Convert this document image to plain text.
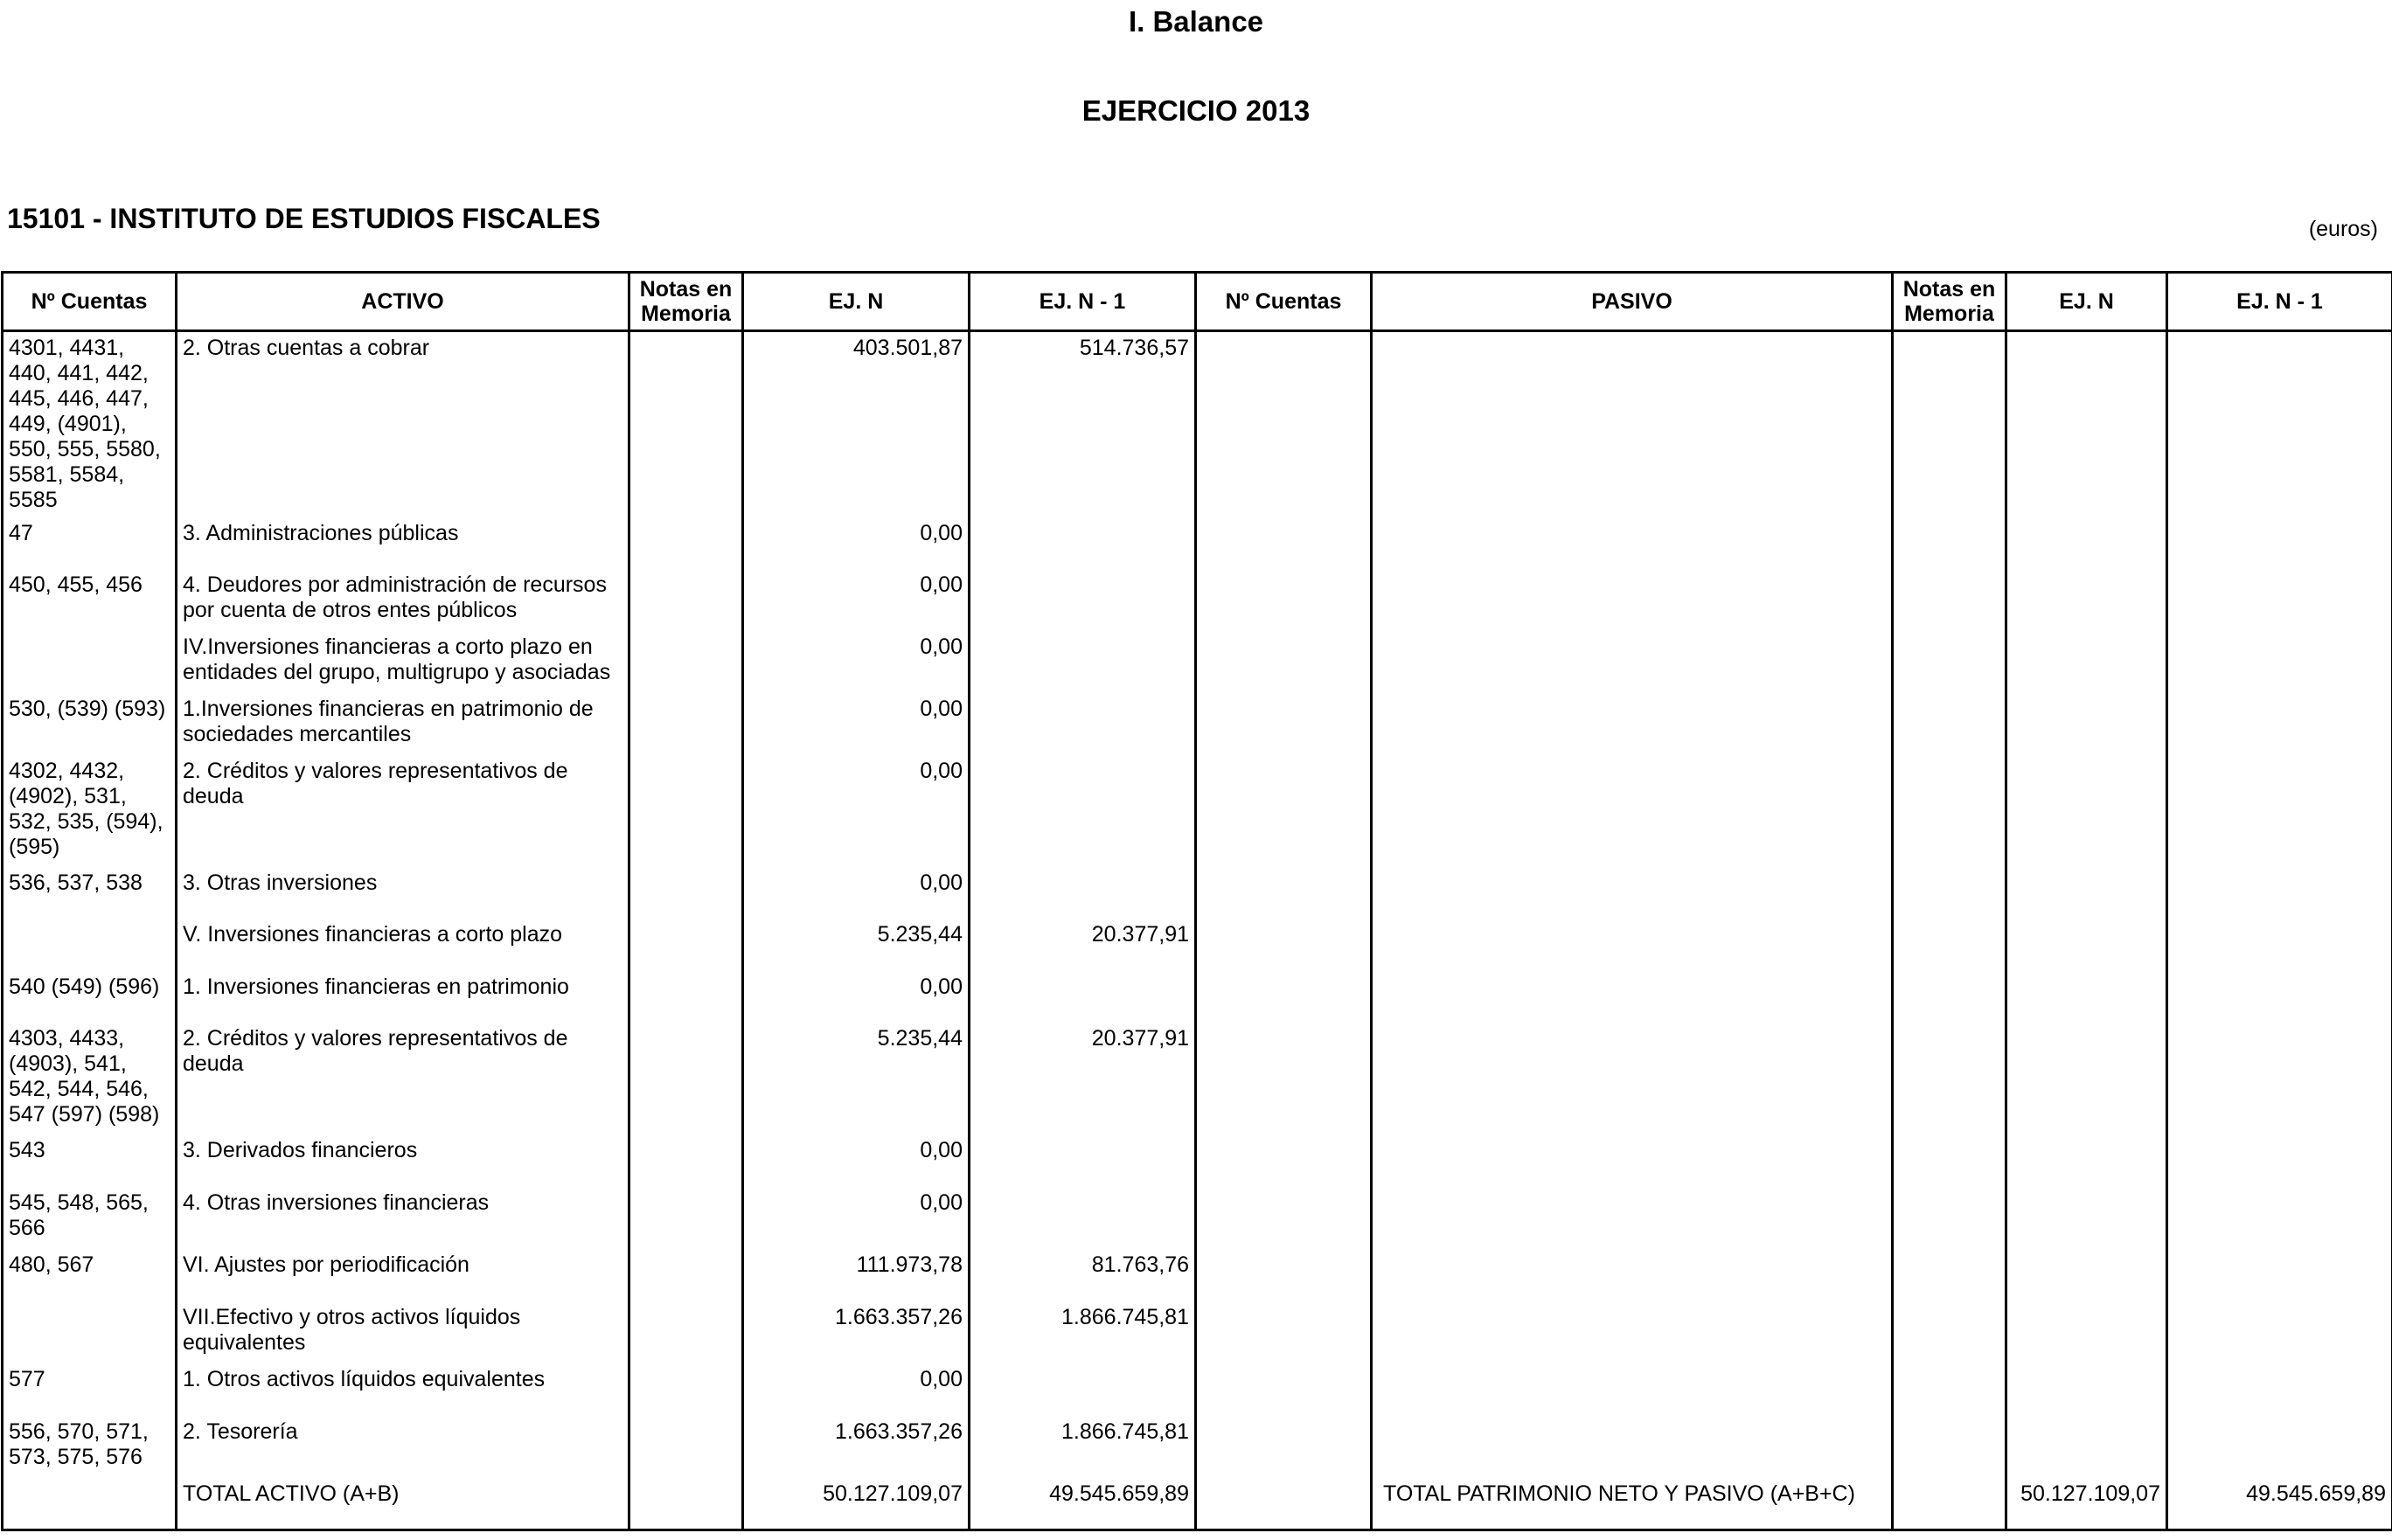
I. Balance
EJERCICIO 2013
15101 - INSTITUTO DE ESTUDIOS FISCALES	(euros)
Nº Cuentas	ACTIVO	Notas en Memoria	EJ. N	EJ. N - 1	Nº Cuentas	PASIVO	Notas en Memoria	EJ. N	EJ. N - 1
4301, 4431, 440, 441, 442, 445, 446, 447, 449, (4901), 550, 555, 5580, 5581, 5584, 5585	2. Otras cuentas a cobrar		403.501,87	514.736,57					
47	3. Administraciones públicas		0,00						
450, 455, 456	4. Deudores por administración de recursos por cuenta de otros entes públicos		0,00						
	IV.Inversiones financieras a corto plazo en entidades del grupo, multigrupo y asociadas		0,00						
530, (539) (593)	1.Inversiones financieras en patrimonio de sociedades mercantiles		0,00						
4302, 4432, (4902), 531, 532, 535, (594), (595)	2. Créditos y valores representativos de deuda		0,00						
536, 537, 538	3. Otras inversiones		0,00						
	V. Inversiones financieras a corto plazo		5.235,44	20.377,91					
540 (549) (596)	1. Inversiones financieras en patrimonio		0,00						
4303, 4433, (4903), 541, 542, 544, 546, 547 (597) (598)	2. Créditos y valores representativos de deuda		5.235,44	20.377,91					
543	3. Derivados financieros		0,00						
545, 548, 565, 566	4. Otras inversiones financieras		0,00						
480, 567	VI. Ajustes por periodificación		111.973,78	81.763,76					
	VII.Efectivo y otros activos líquidos equivalentes		1.663.357,26	1.866.745,81					
577	1. Otros activos líquidos equivalentes		0,00						
556, 570, 571, 573, 575, 576	2. Tesorería		1.663.357,26	1.866.745,81					
	TOTAL ACTIVO (A+B)		50.127.109,07	49.545.659,89		TOTAL PATRIMONIO NETO Y PASIVO (A+B+C)		50.127.109,07	49.545.659,89
